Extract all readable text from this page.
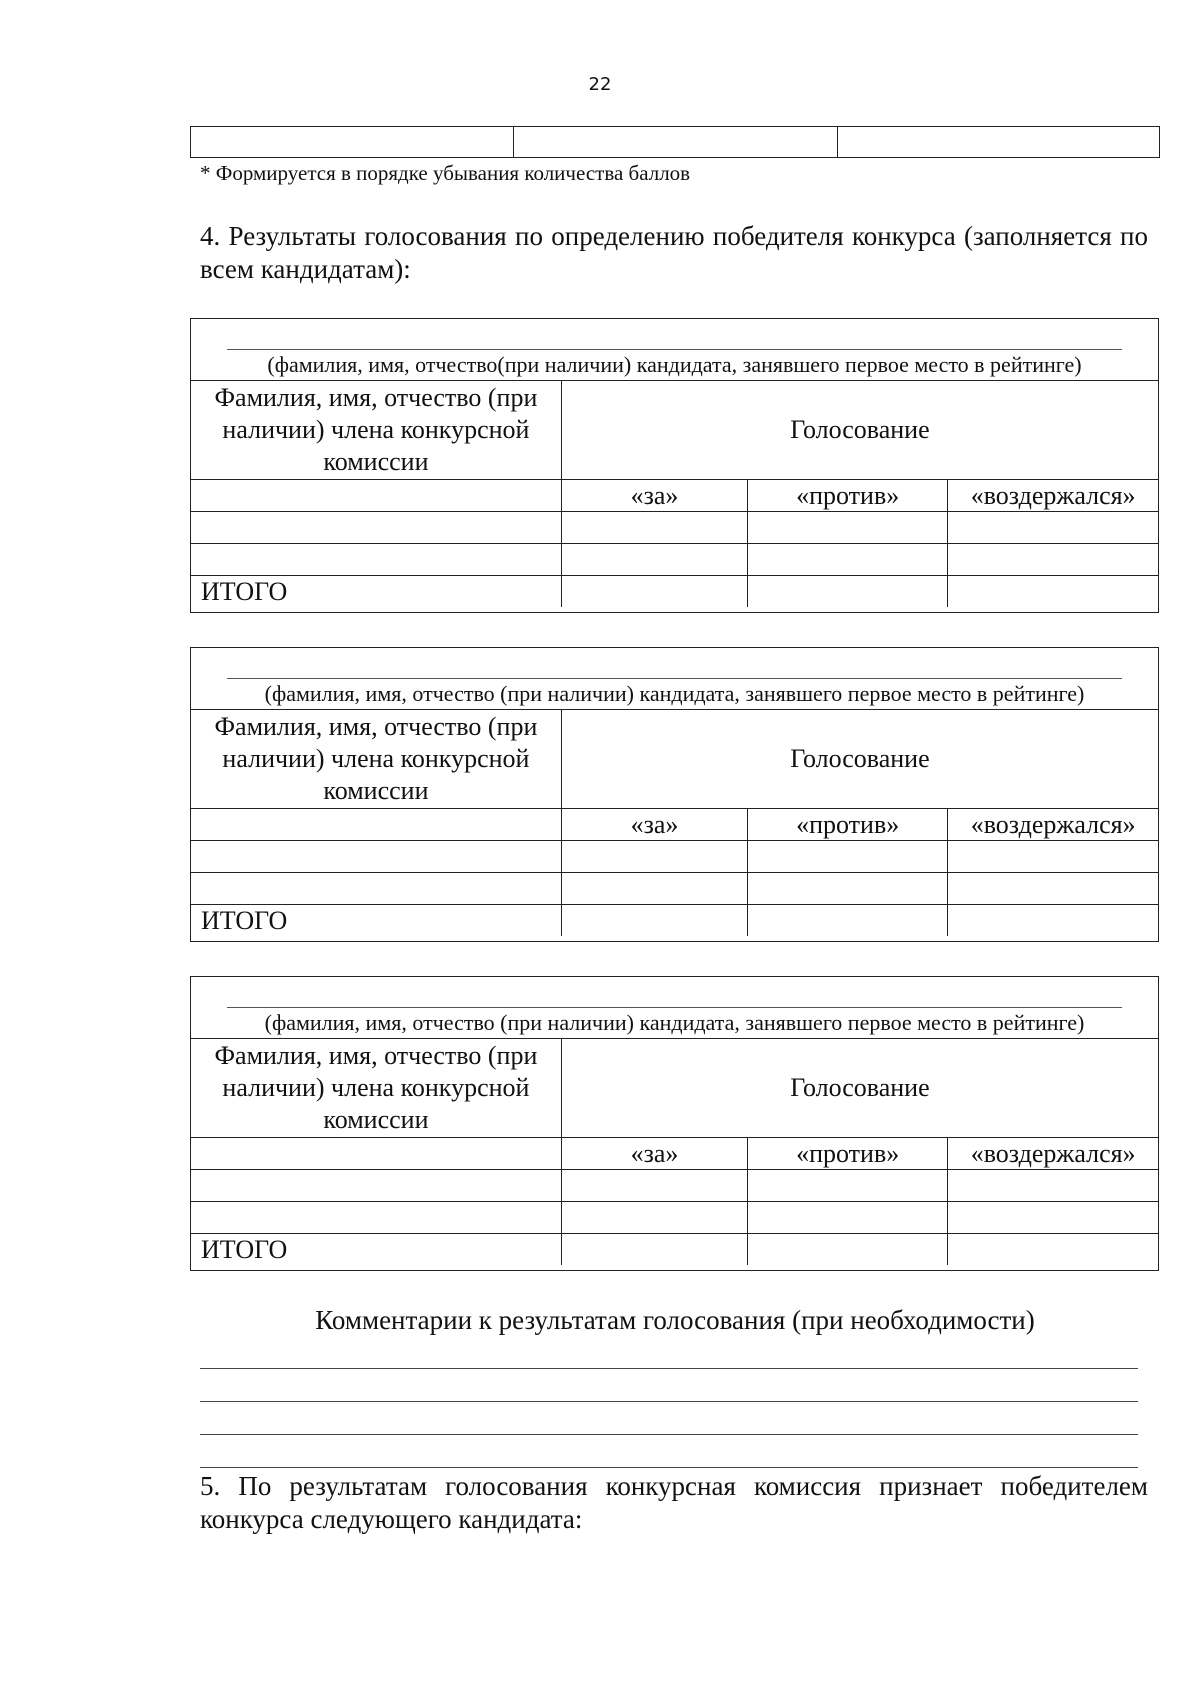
22

* Формируется в порядке убывания количества баллов

4. Результаты голосования по определению победителя конкурса (заполняется по всем кандидатам):

(фамилия, имя, отчество(при наличии) кандидата, занявшего первое место в рейтинге)
Фамилия, имя, отчество (при наличии) члена конкурсной комиссии	Голосование		
	«за»	«против»	«воздержался»

ИТОГО			
(фамилия, имя, отчество (при наличии) кандидата, занявшего первое место в рейтинге)
Фамилия, имя, отчество (при наличии) члена конкурсной комиссии	Голосование		
	«за»	«против»	«воздержался»

ИТОГО			
(фамилия, имя, отчество (при наличии) кандидата, занявшего первое место в рейтинге)
Фамилия, имя, отчество (при наличии) члена конкурсной комиссии	Голосование		
	«за»	«против»	«воздержался»

ИТОГО			
Комментарии к результатам голосования (при необходимости)

5. По результатам голосования конкурсная комиссия признает победителем конкурса следующего кандидата:
